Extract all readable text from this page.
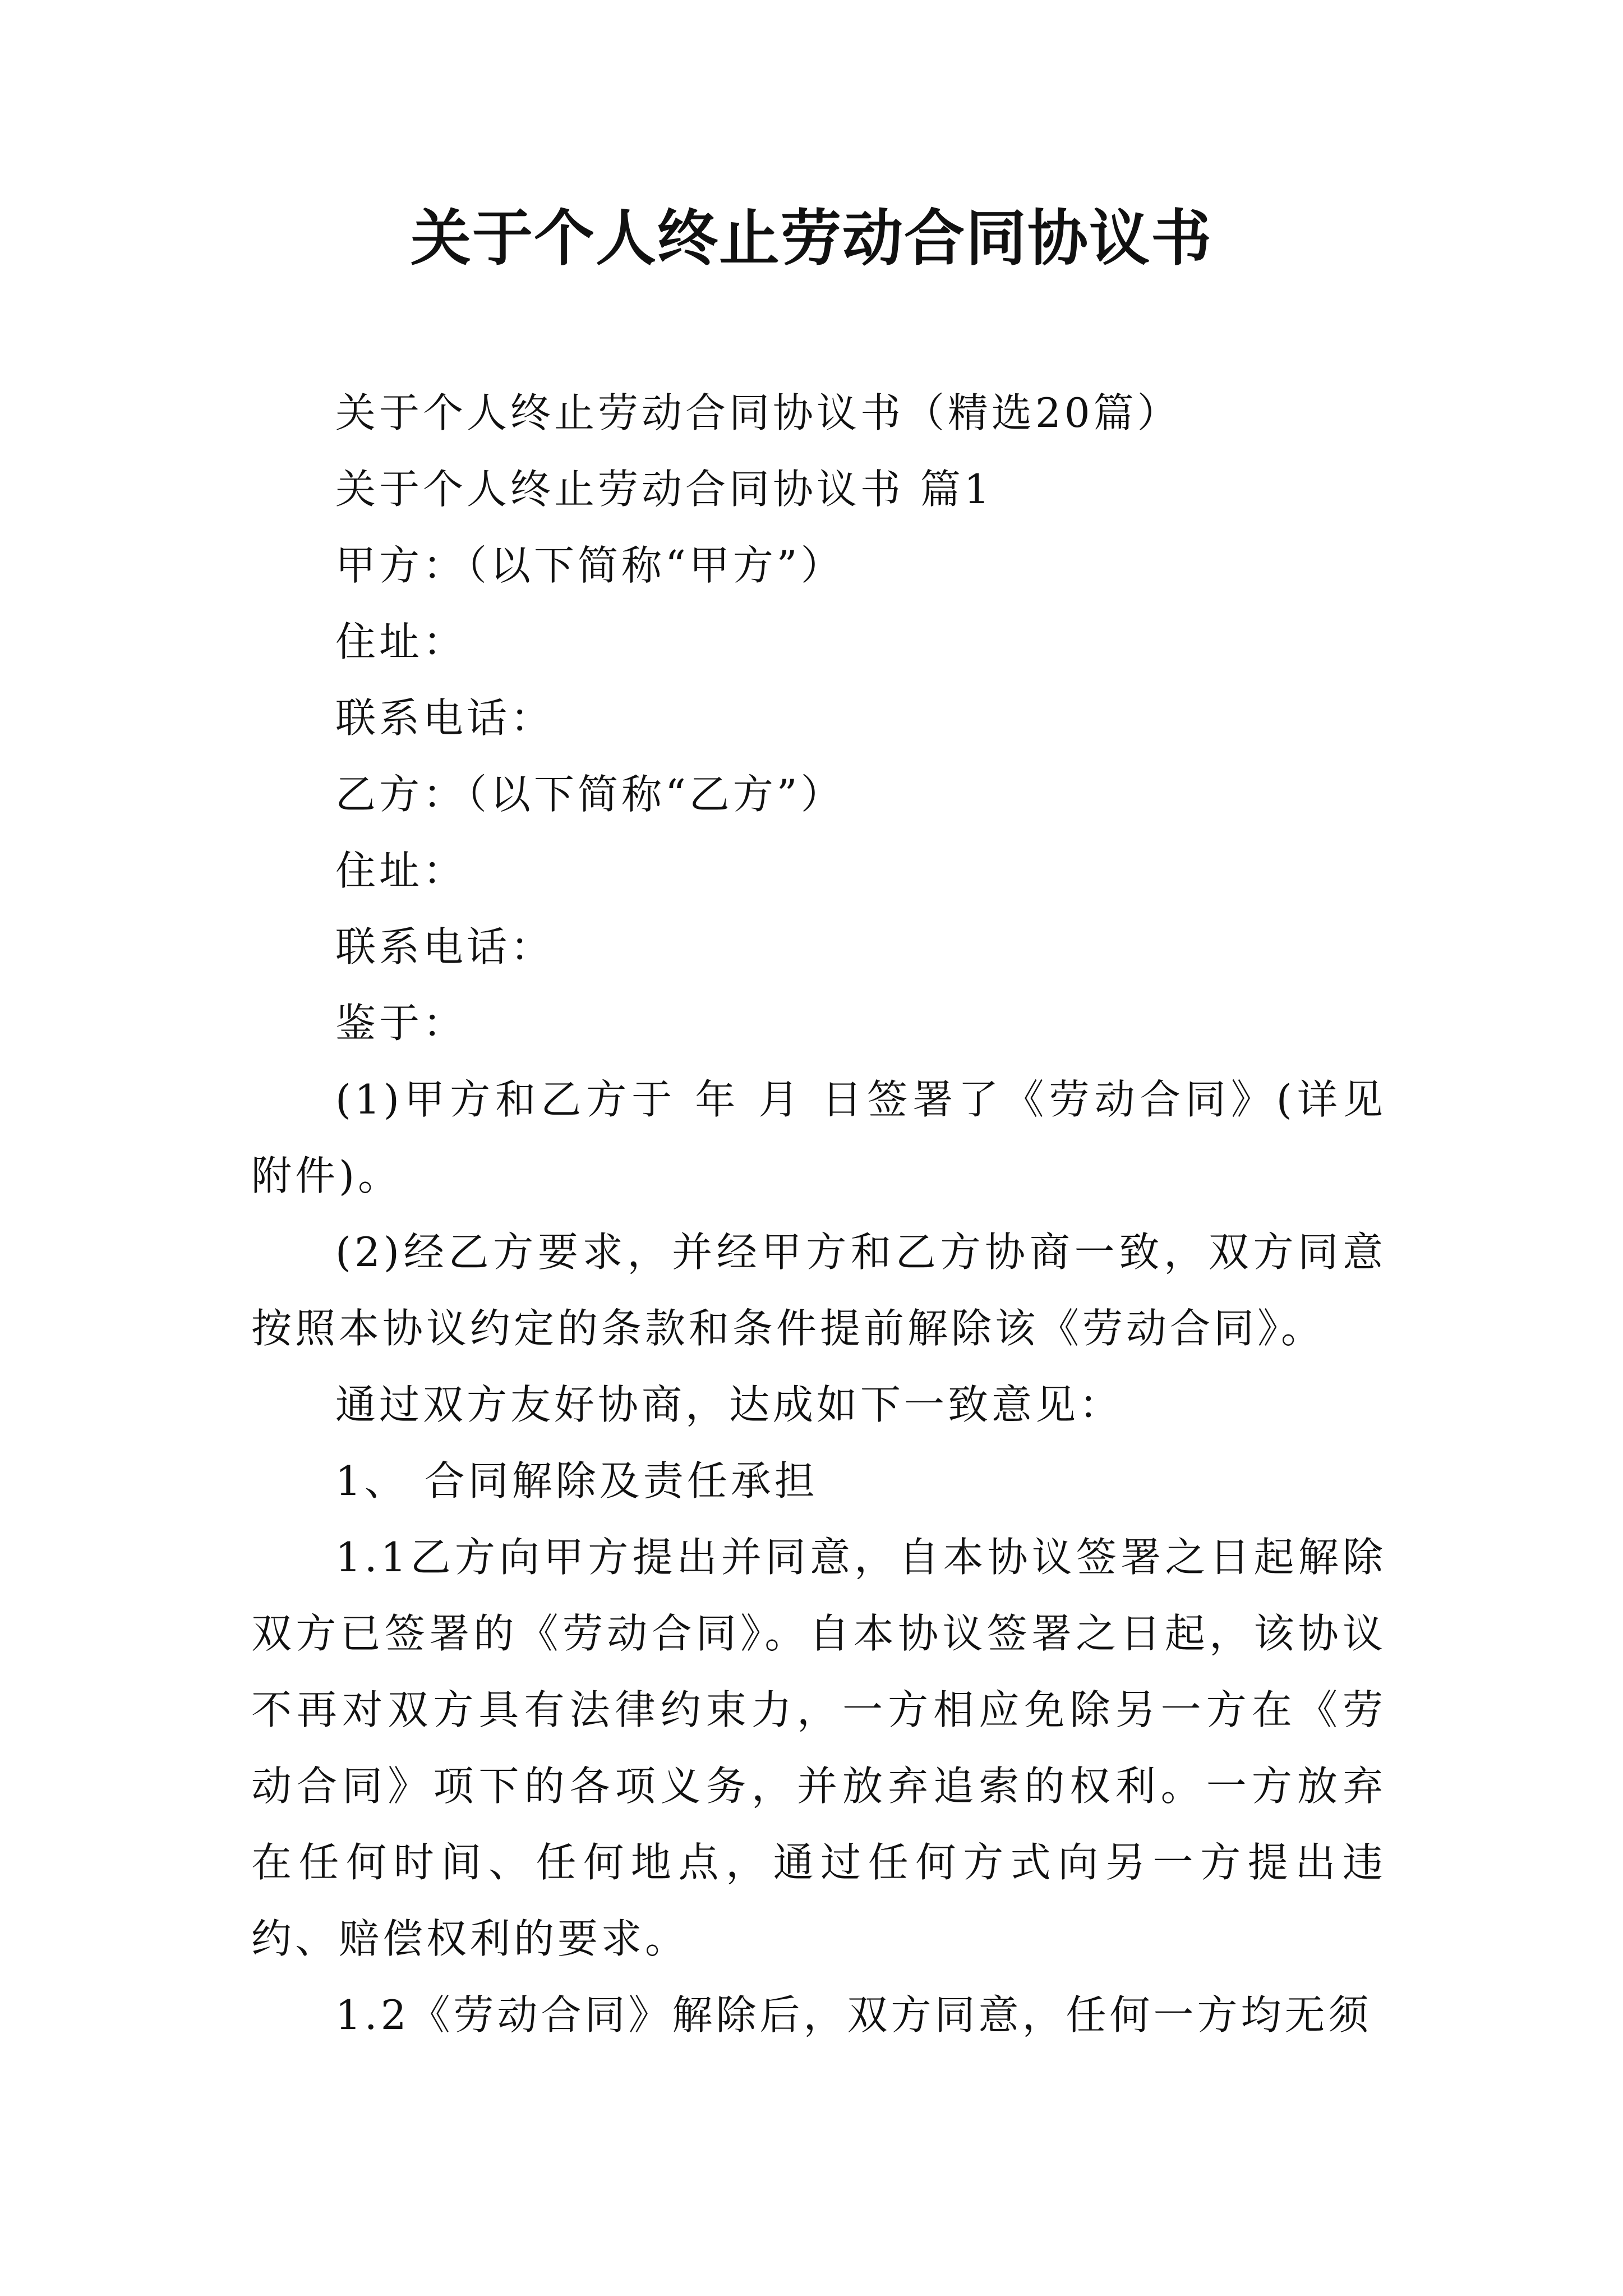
关于个人终止劳动合同协议书

关于个人终止劳动合同协议书（精选20篇）

关于个人终止劳动合同协议书 篇1

甲方：（以下简称“甲方”）

住址：

联系电话：

乙方：（以下简称“乙方”）

住址：

联系电话：

鉴于：

(1)甲方和乙方于 年 月 日签署了《劳动合同》(详见附件)。

(2)经乙方要求，并经甲方和乙方协商一致，双方同意按照本协议约定的条款和条件提前解除该《劳动合同》。

通过双方友好协商，达成如下一致意见：

1、 合同解除及责任承担

1.1乙方向甲方提出并同意，自本协议签署之日起解除双方已签署的《劳动合同》。自本协议签署之日起，该协议不再对双方具有法律约束力，一方相应免除另一方在《劳动合同》项下的各项义务，并放弃追索的权利。一方放弃在任何时间、任何地点，通过任何方式向另一方提出违约、赔偿权利的要求。

1.2《劳动合同》解除后，双方同意，任何一方均无须
